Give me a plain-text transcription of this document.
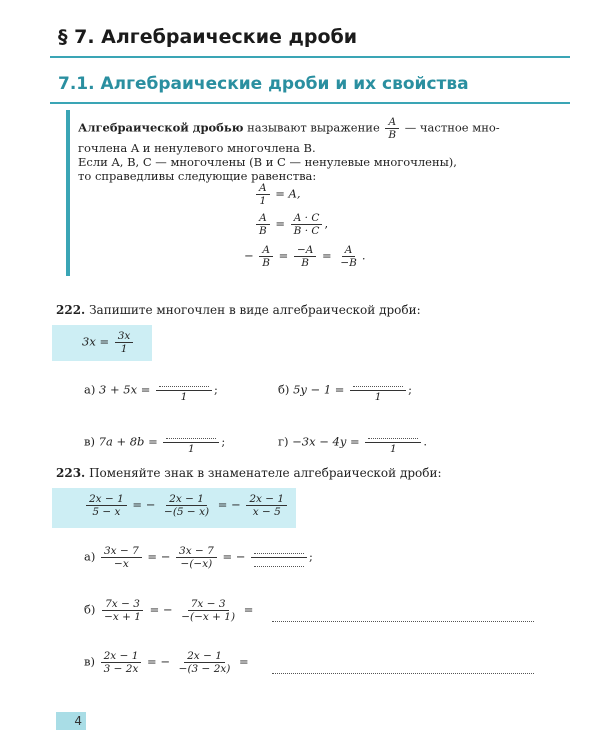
§ 7. Алгебраические дроби
7.1. Алгебраические дроби и их свойства
Алгебраической дробью называют выражение $\frac{A}{B}$ — частное мно-
гочлена A и ненулевого многочлена B.
Если A, B, C — многочлены (B и C — ненулевые многочлены),
то справедливы следующие равенства:
$\frac{A}{1} = A$,
$\frac{A}{B} = \frac{A \cdot C}{B \cdot C}$ ,
− $\frac{A}{B} = \frac{-A}{B} = \frac{A}{-B}$ .
222. Запишите многочлен в виде алгебраической дроби:
$3x = \frac{3x}{1}$
а) 3 + 5x =
1
;	б) 5y − 1 =
1
;
в) 7a + 8b =
1
;	г) −3x − 4y =
1
.
223. Поменяйте знак в знаменателе алгебраической дроби:
$\frac{2x - 1}{5 - x}$ = − $\frac{2x - 1}{-(5 - x)}$ = − $\frac{2x - 1}{x - 5}$
$а) \frac{3x - 7}{-x}$ = − $\frac{3x - 7}{-(-x)}$ = −	;
$б) \frac{7x - 3}{-x + 1}$ = − $\frac{7x - 3}{-(-x + 1)}$ =
$в) \frac{2x - 1}{3 - 2x}$ = − $\frac{2x - 1}{-(3 - 2x)}$ =
4
